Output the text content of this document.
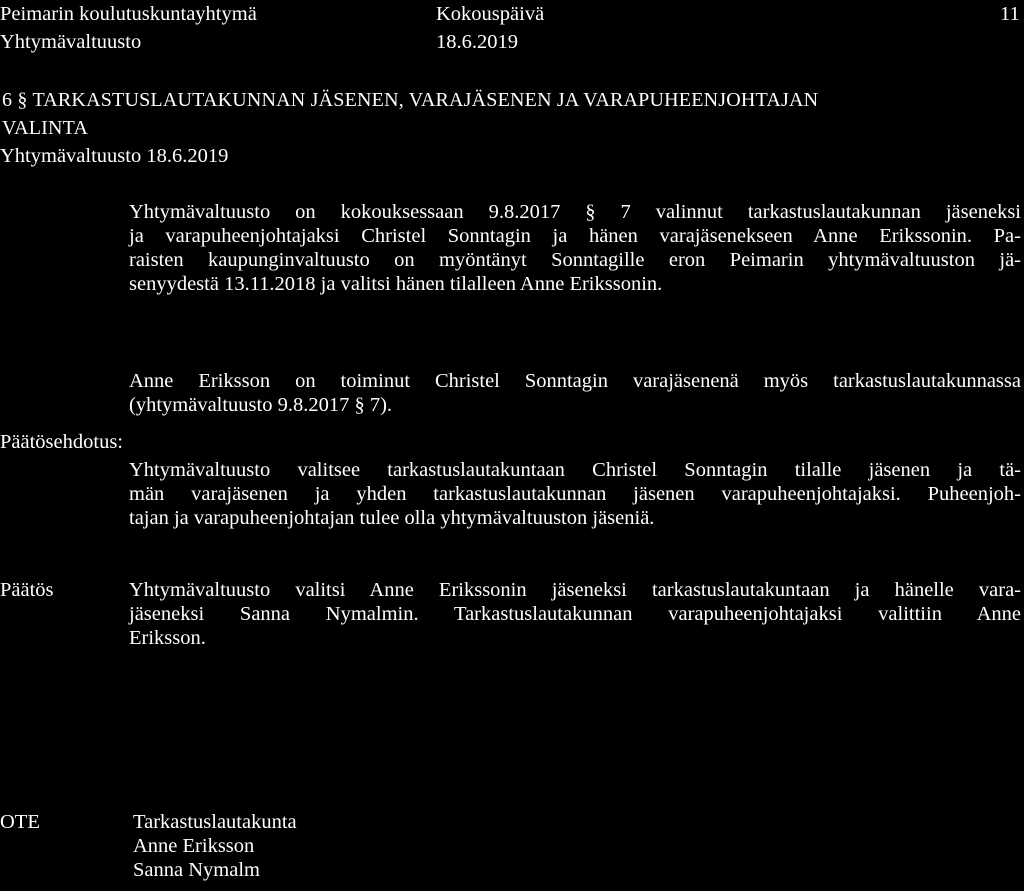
Peimarin koulutuskuntayhtymä
Yhtymävaltuusto
Kokouspäivä
18.6.2019
11
6 § TARKASTUSLAUTAKUNNAN JÄSENEN, VARAJÄSENEN JA VARAPUHEENJOHTAJAN
VALINTA
Yhtymävaltuusto 18.6.2019
Yhtymävaltuusto on kokouksessaan 9.8.2017 § 7 valinnut tarkastuslautakunnan jäseneksi
ja varapuheenjohtajaksi Christel Sonntagin ja hänen varajäsenekseen Anne Erikssonin. Pa-
raisten kaupunginvaltuusto on myöntänyt Sonntagille eron Peimarin yhtymävaltuuston jä-
senyydestä 13.11.2018 ja valitsi hänen tilalleen Anne Erikssonin.
Anne Eriksson on toiminut Christel Sonntagin varajäsenenä myös tarkastuslautakunnassa
(yhtymävaltuusto 9.8.2017 § 7).
Päätösehdotus:
Yhtymävaltuusto valitsee tarkastuslautakuntaan Christel Sonntagin tilalle jäsenen ja tä-
män varajäsenen ja yhden tarkastuslautakunnan jäsenen varapuheenjohtajaksi. Puheenjoh-
tajan ja varapuheenjohtajan tulee olla yhtymävaltuuston jäseniä.
Päätös	Yhtymävaltuusto valitsi Anne Erikssonin jäseneksi tarkastuslautakuntaan ja hänelle vara-
jäseneksi Sanna Nymalmin. Tarkastuslautakunnan varapuheenjohtajaksi valittiin Anne
Eriksson.
OTE	Tarkastuslautakunta
Anne Eriksson
Sanna Nymalm
